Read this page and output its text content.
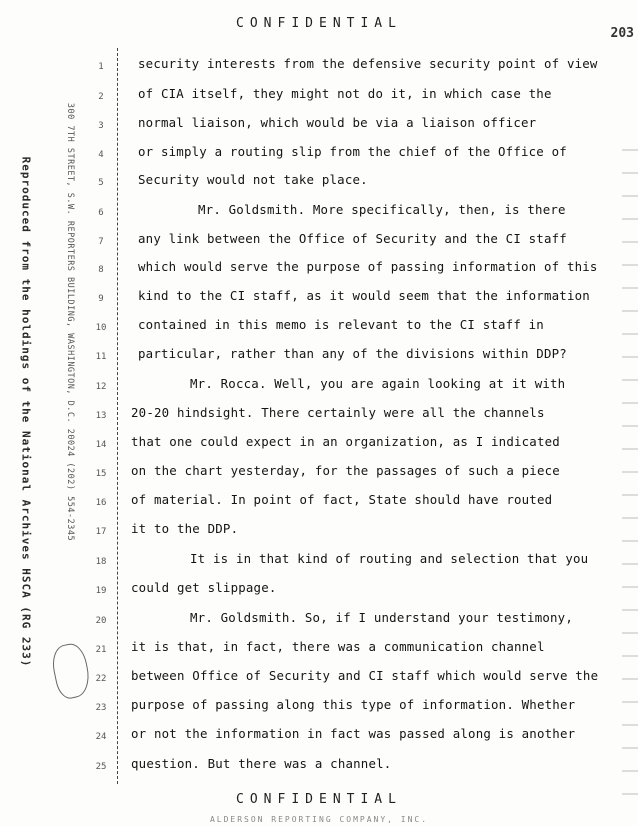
CONFIDENTIAL
203
Reproduced from the holdings of the National Archives HSCA (RG 233)	300 7TH STREET, S.W. REPORTERS BUILDING, WASHINGTON, D.C. 20024 (202) 554-2345
1
2
3
4
5
6
7
8
9
10
11
12
13
14
15
16
17
18
19
20
21
22
23
24
25
security interests from the defensive security point of view
of CIA itself, they might not do it, in which case the
normal liaison, which would be via a liaison officer
or simply a routing slip from the chief of the Office of
Security would not take place.
Mr. Goldsmith. More specifically, then, is there
any link between the Office of Security and the CI staff
which would serve the purpose of passing information of this
kind to the CI staff, as it would seem that the information
contained in this memo is relevant to the CI staff in
particular, rather than any of the divisions within DDP?
Mr. Rocca. Well, you are again looking at it with
20-20 hindsight. There certainly were all the channels
that one could expect in an organization, as I indicated
on the chart yesterday, for the passages of such a piece
of material. In point of fact, State should have routed
it to the DDP.
It is in that kind of routing and selection that you
could get slippage.
Mr. Goldsmith. So, if I understand your testimony,
it is that, in fact, there was a communication channel
between Office of Security and CI staff which would serve the
purpose of passing along this type of information. Whether
or not the information in fact was passed along is another
question. But there was a channel.
CONFIDENTIAL
ALDERSON REPORTING COMPANY, INC.
